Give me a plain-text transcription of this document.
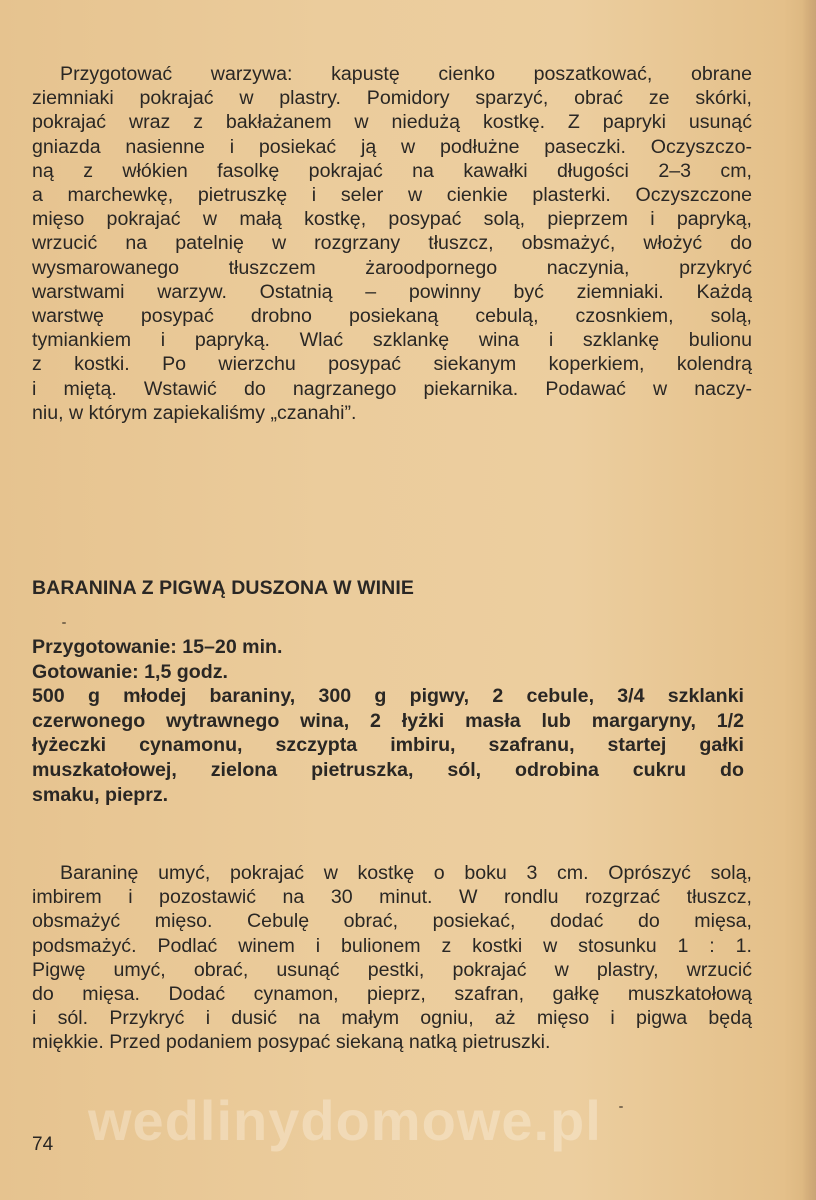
Przygotować warzywa: kapustę cienko poszatkować, obrane
ziemniaki pokrajać w plastry. Pomidory sparzyć, obrać ze skórki,
pokrajać wraz z bakłażanem w niedużą kostkę. Z papryki usunąć
gniazda nasienne i posiekać ją w podłużne paseczki. Oczyszczo-
ną z włókien fasolkę pokrajać na kawałki długości 2–3 cm,
a marchewkę, pietruszkę i seler w cienkie plasterki. Oczyszczone
mięso pokrajać w małą kostkę, posypać solą, pieprzem i papryką,
wrzucić na patelnię w rozgrzany tłuszcz, obsmażyć, włożyć do
wysmarowanego tłuszczem żaroodpornego naczynia, przykryć
warstwami warzyw. Ostatnią – powinny być ziemniaki. Każdą
warstwę posypać drobno posiekaną cebulą, czosnkiem, solą,
tymiankiem i papryką. Wlać szklankę wina i szklankę bulionu
z kostki. Po wierzchu posypać siekanym koperkiem, kolendrą
i miętą. Wstawić do nagrzanego piekarnika. Podawać w naczy-
niu, w którym zapiekaliśmy „czanahi”.
BARANINA Z PIGWĄ DUSZONA W WINIE
Przygotowanie: 15–20 min.
Gotowanie: 1,5 godz.
500 g młodej baraniny, 300 g pigwy, 2 cebule, 3/4 szklanki
czerwonego wytrawnego wina, 2 łyżki masła lub margaryny, 1/2
łyżeczki cynamonu, szczypta imbiru, szafranu, startej gałki
muszkatołowej, zielona pietruszka, sól, odrobina cukru do
smaku, pieprz.
Baraninę umyć, pokrajać w kostkę o boku 3 cm. Oprószyć solą,
imbirem i pozostawić na 30 minut. W rondlu rozgrzać tłuszcz,
obsmażyć mięso. Cebulę obrać, posiekać, dodać do mięsa,
podsmażyć. Podlać winem i bulionem z kostki w stosunku 1 : 1.
Pigwę umyć, obrać, usunąć pestki, pokrajać w plastry, wrzucić
do mięsa. Dodać cynamon, pieprz, szafran, gałkę muszkatołową
i sól. Przykryć i dusić na małym ogniu, aż mięso i pigwa będą
miękkie. Przed podaniem posypać siekaną natką pietruszki.
wedlinydomowe.pl
74
